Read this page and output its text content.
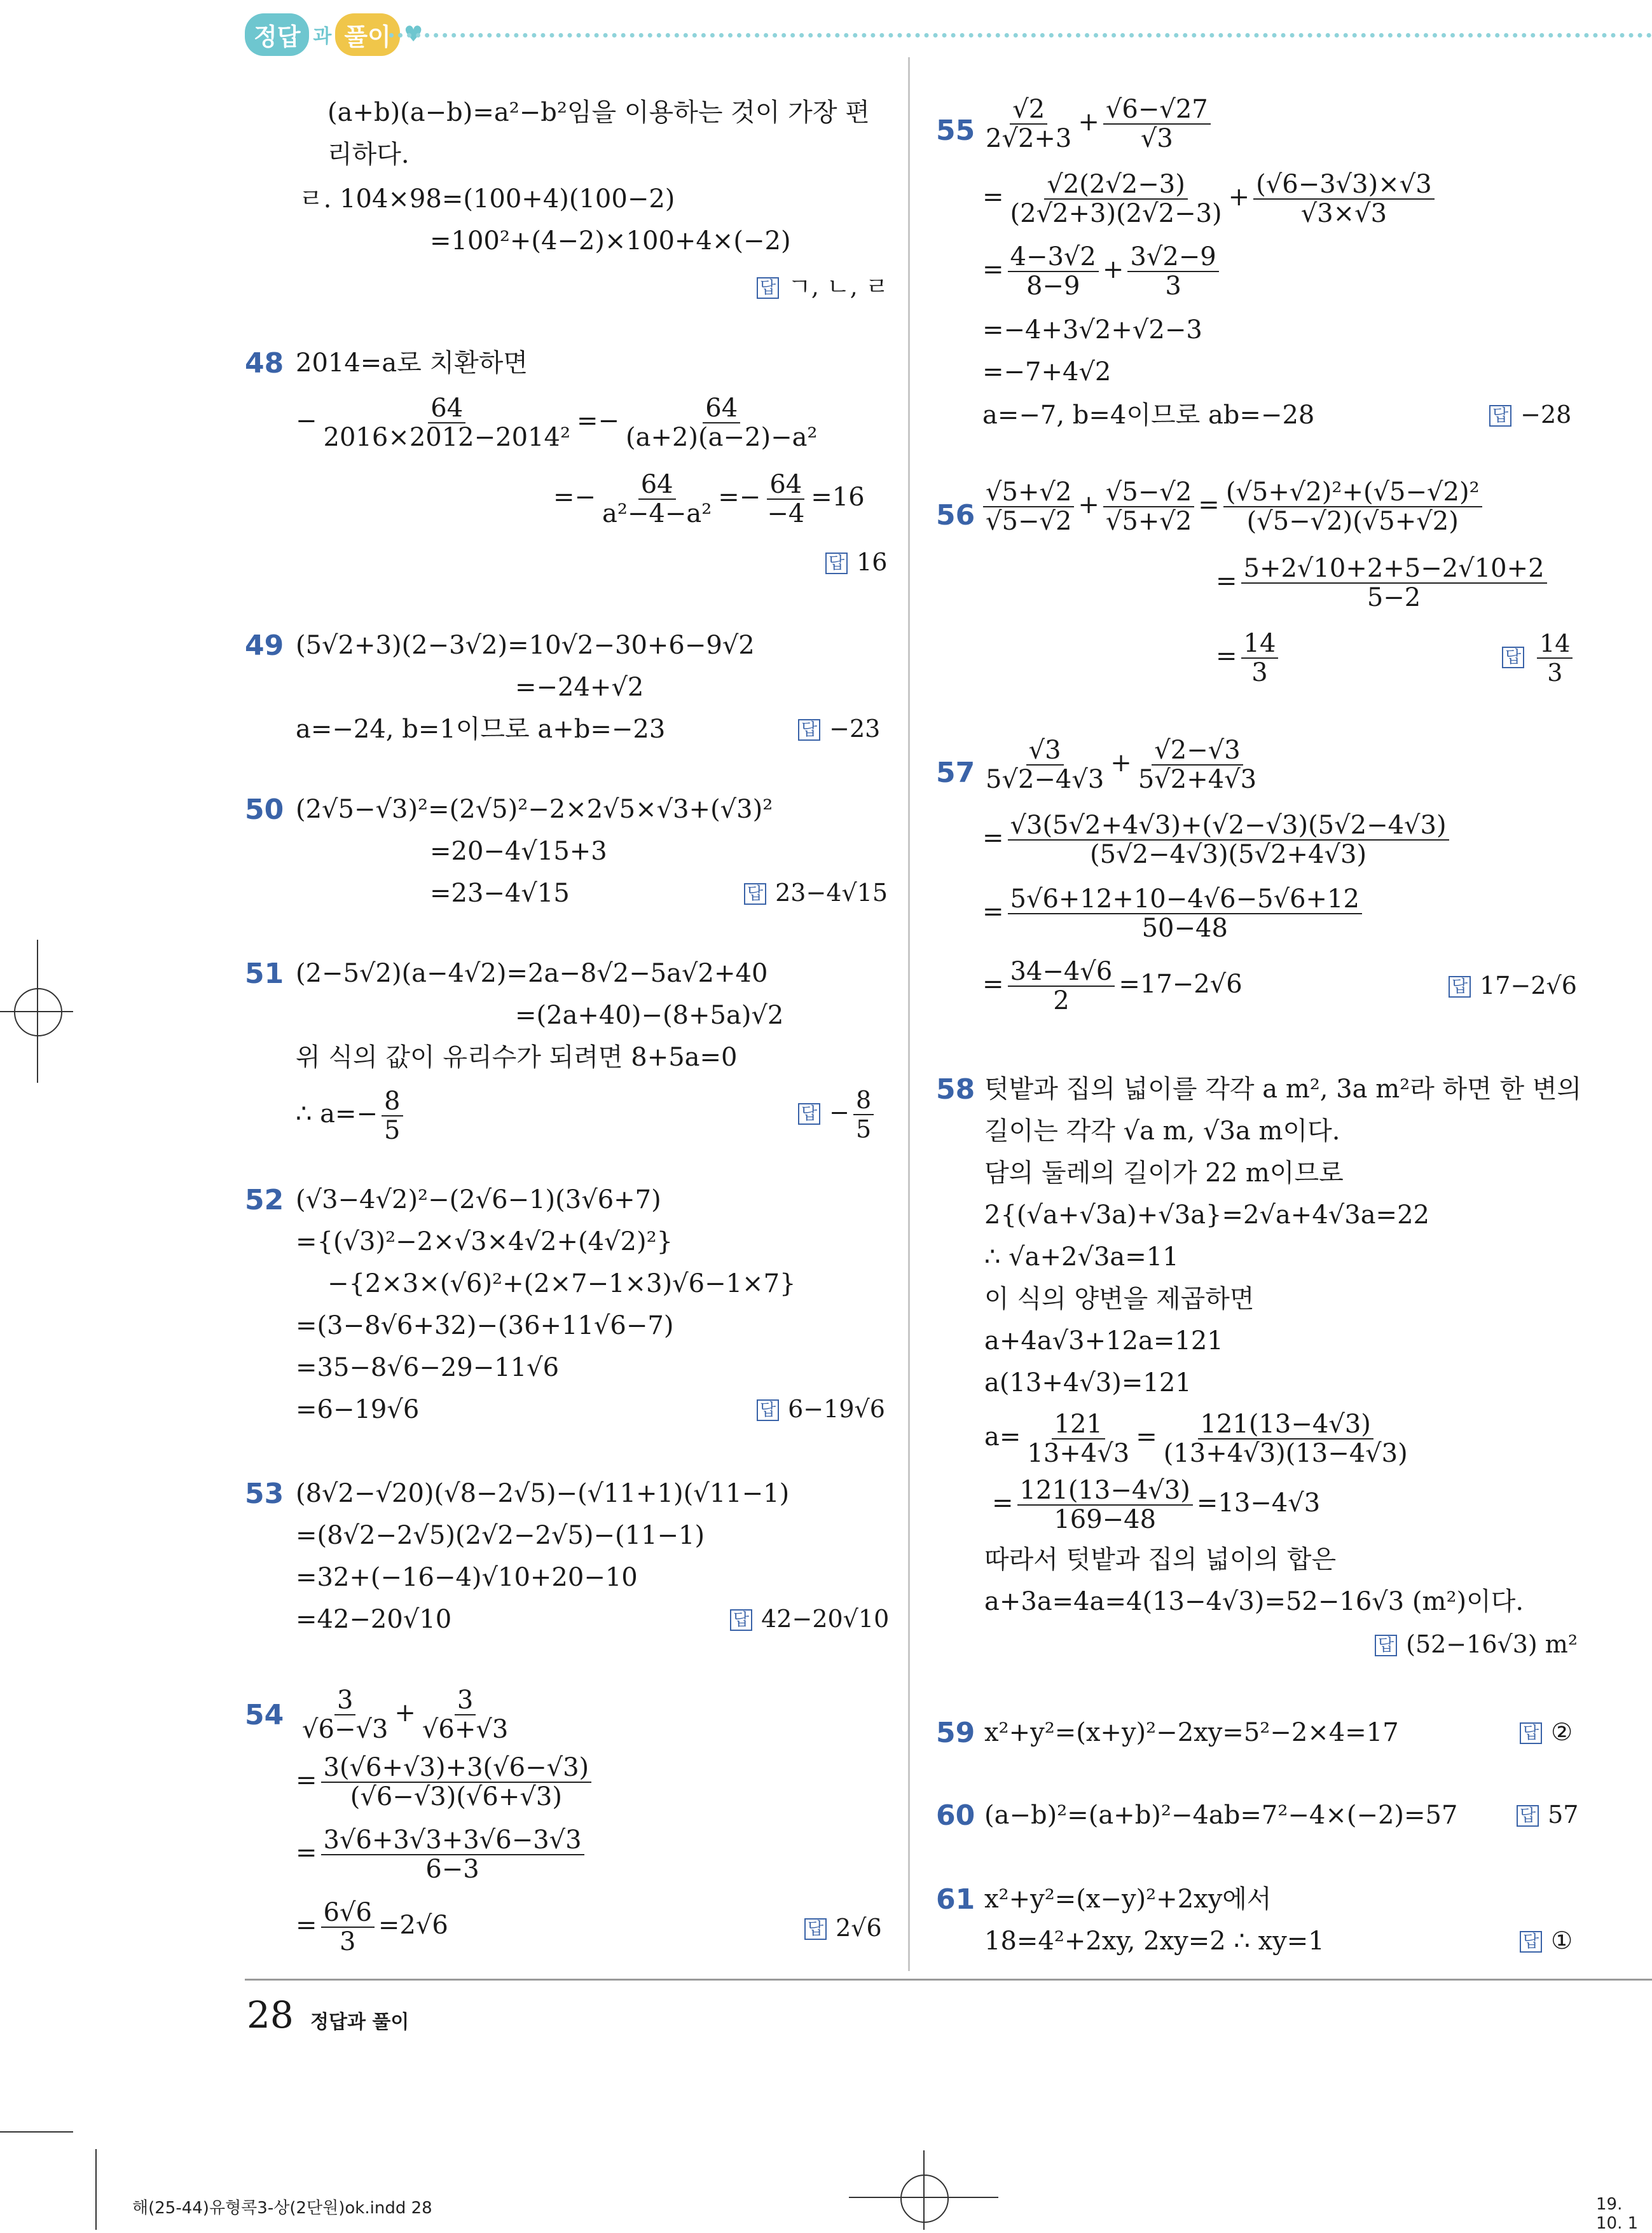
정답 과 풀이 ♥
(a+b)(a−b)=a²−b²임을 이용하는 것이 가장 편
리하다.
ㄹ. 104×98=(100+4)(100−2)
=100²+(4−2)×100+4×(−2)
답 ㄱ, ㄴ, ㄹ
48 2014=a로 치환하면
− $\frac{64}{\text{2016×2012−2014²}} =- \frac{64}{\text{(a+2)(a−2)−a²}}$
=− $\frac{64}{\text{a²−4−a²}} =- \frac{64}{-4} =16$
답 16
49 (5√2+3)(2−3√2)=10√2−30+6−9√2
=−24+√2
a=−24, b=1이므로 a+b=−23	답 −23
50 (2√5−√3)²=(2√5)²−2×2√5×√3+(√3)²
=20−4√15+3
=23−4√15	답 23−4√15
51 (2−5√2)(a−4√2)=2a−8√2−5a√2+40
=(2a+40)−(8+5a)√2
위 식의 값이 유리수가 되려면 8+5a=0
∴ $a=- \frac{8}{5}$	답 − $\frac{8}{5}$
52 (√3−4√2)²−(2√6−1)(3√6+7)
={(√3)²−2×√3×4√2+(4√2)²}
−{2×3×(√6)²+(2×7−1×3)√6−1×7}
=(3−8√6+32)−(36+11√6−7)
=35−8√6−29−11√6
=6−19√6	답 6−19√6
53 (8√2−√20)(√8−2√5)−(√11+1)(√11−1)
=(8√2−2√5)(2√2−2√5)−(11−1)
=32+(−16−4)√10+20−10
=42−20√10	답 42−20√10
$54 \frac{3}{√6-√3} + \frac{3}{√6+√3}$
= $\frac{3(√6+√3)+3(√6-√3)}{(√6-√3)(√6+√3)}$
= $\frac{3√6+3√3+3√6-3√3}{6-3}$
= $\frac{6√6}{3} =2√6$	답 2√6
$55 \frac{√2}{2√2+3} + \frac{√6-√27}{√3}$
= $\frac{√2(2√2-3)}{(2√2+3)(2√2-3)} + \frac{(√6-3√3)\times√3}{√3\times√3}$
= $\frac{4-3√2}{8-9} + \frac{3√2-9}{3}$
=−4+3√2+√2−3
=−7+4√2
a=−7, b=4이므로 ab=−28	답 −28
$56 \frac{√5+√2}{√5-√2} + \frac{√5-√2}{√5+√2} = \frac{\text{(√5+√2)²+(√5−√2)²}}{(√5-√2)(√5+√2)}$
= $\frac{5+2√10+2+5-2√10+2}{5-2}$
= $\frac{14}{3}$	답 $\frac{14}{3}$
$57 \frac{√3}{5√2-4√3} + \frac{√2-√3}{5√2+4√3}$
= $\frac{√3(5√2+4√3)+(√2-√3)(5√2-4√3)}{(5√2-4√3)(5√2+4√3)}$
= $\frac{5√6+12+10-4√6-5√6+12}{50-48}$
= $\frac{34-4√6}{2} =17-2√6$	답 17−2√6
58 텃밭과 집의 넓이를 각각 a m², 3a m²라 하면 한 변의
길이는 각각 √a m, √3a m이다.
담의 둘레의 길이가 22 m이므로
2{(√a+√3a)+√3a}=2√a+4√3a=22
∴ √a+2√3a=11
이 식의 양변을 제곱하면
a+4a√3+12a=121
a(13+4√3)=121
$a= \frac{121}{13+4√3} = \frac{121(13-4√3)}{(13+4√3)(13-4√3)}$
= $\frac{121(13-4√3)}{169-48} =13-4√3$
따라서 텃밭과 집의 넓이의 합은
a+3a=4a=4(13−4√3)=52−16√3 (m²)이다.
답 (52−16√3) m²
59 x²+y²=(x+y)²−2xy=5²−2×4=17	답 ②
60 (a−b)²=(a+b)²−4ab=7²−4×(−2)=57	답 57
61 x²+y²=(x−y)²+2xy에서
18=4²+2xy, 2xy=2 ∴ xy=1	답 ①
28 정답과 풀이
해(25-44)유형콕3-상(2단원)ok.indd 28	19. 10. 1
